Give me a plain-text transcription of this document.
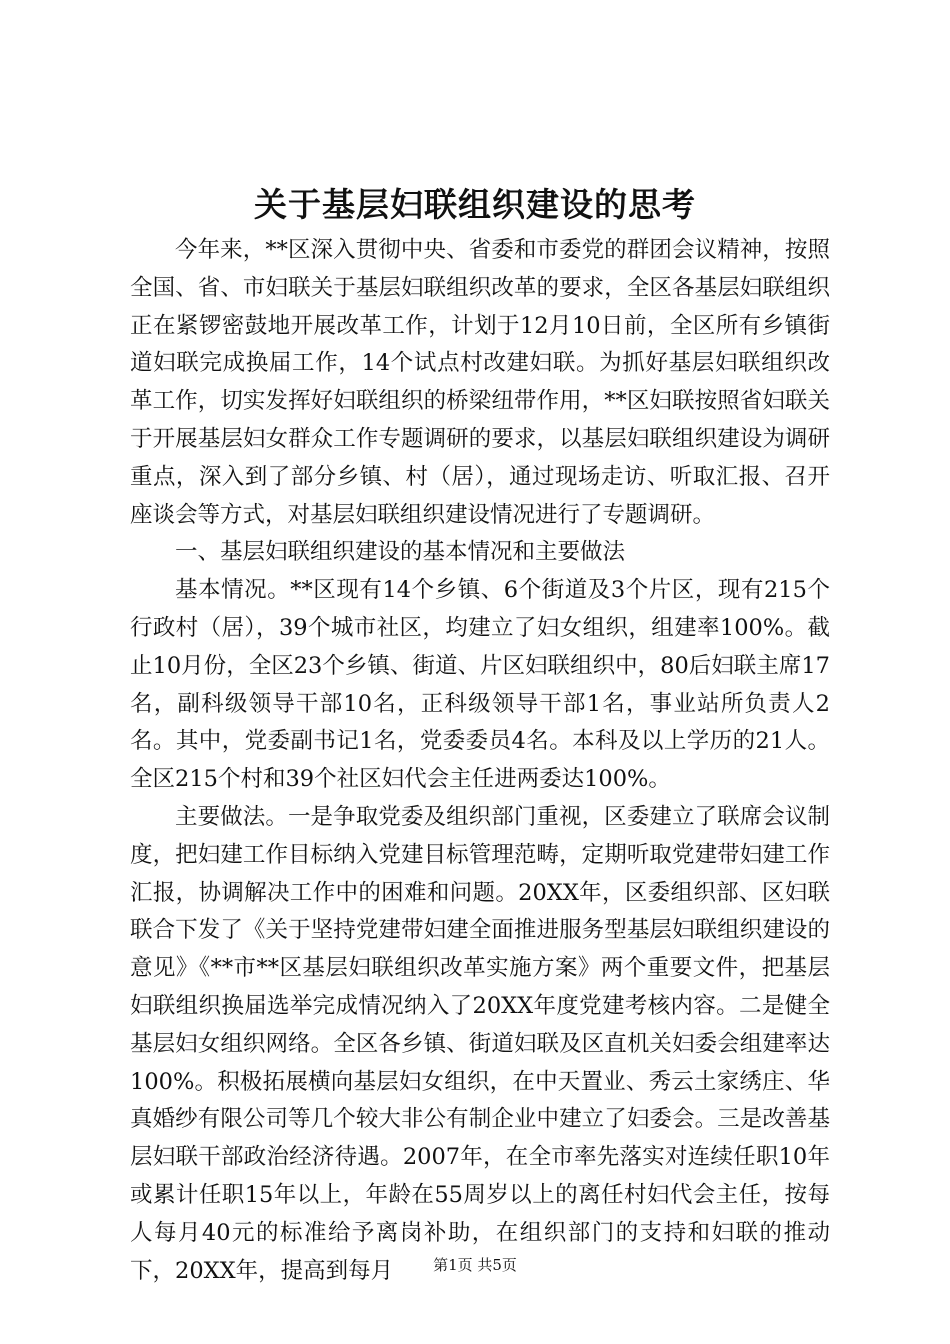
关于基层妇联组织建设的思考

今年来，**区深入贯彻中央、省委和市委党的群团会议精神，按照全国、省、市妇联关于基层妇联组织改革的要求，全区各基层妇联组织正在紧锣密鼓地开展改革工作，计划于12月10日前，全区所有乡镇街道妇联完成换届工作，14个试点村改建妇联。为抓好基层妇联组织改革工作，切实发挥好妇联组织的桥梁纽带作用，**区妇联按照省妇联关于开展基层妇女群众工作专题调研的要求，以基层妇联组织建设为调研重点，深入到了部分乡镇、村（居），通过现场走访、听取汇报、召开座谈会等方式，对基层妇联组织建设情况进行了专题调研。

一、基层妇联组织建设的基本情况和主要做法

基本情况。**区现有14个乡镇、6个街道及3个片区，现有215个行政村（居），39个城市社区，均建立了妇女组织，组建率100%。截止10月份，全区23个乡镇、街道、片区妇联组织中，80后妇联主席17名，副科级领导干部10名，正科级领导干部1名，事业站所负责人2名。其中，党委副书记1名，党委委员4名。本科及以上学历的21人。全区215个村和39个社区妇代会主任进两委达100%。

主要做法。一是争取党委及组织部门重视，区委建立了联席会议制度，把妇建工作目标纳入党建目标管理范畴，定期听取党建带妇建工作汇报，协调解决工作中的困难和问题。20XX年，区委组织部、区妇联联合下发了《关于坚持党建带妇建全面推进服务型基层妇联组织建设的意见》《**市**区基层妇联组织改革实施方案》两个重要文件，把基层妇联组织换届选举完成情况纳入了20XX年度党建考核内容。二是健全基层妇女组织网络。全区各乡镇、街道妇联及区直机关妇委会组建率达100%。积极拓展横向基层妇女组织，在中天置业、秀云土家绣庄、华真婚纱有限公司等几个较大非公有制企业中建立了妇委会。三是改善基层妇联干部政治经济待遇。2007年，在全市率先落实对连续任职10年或累计任职15年以上，年龄在55周岁以上的离任村妇代会主任，按每人每月40元的标准给予离岗补助，在组织部门的支持和妇联的推动下，20XX年，提高到每月	第1页 共5页
